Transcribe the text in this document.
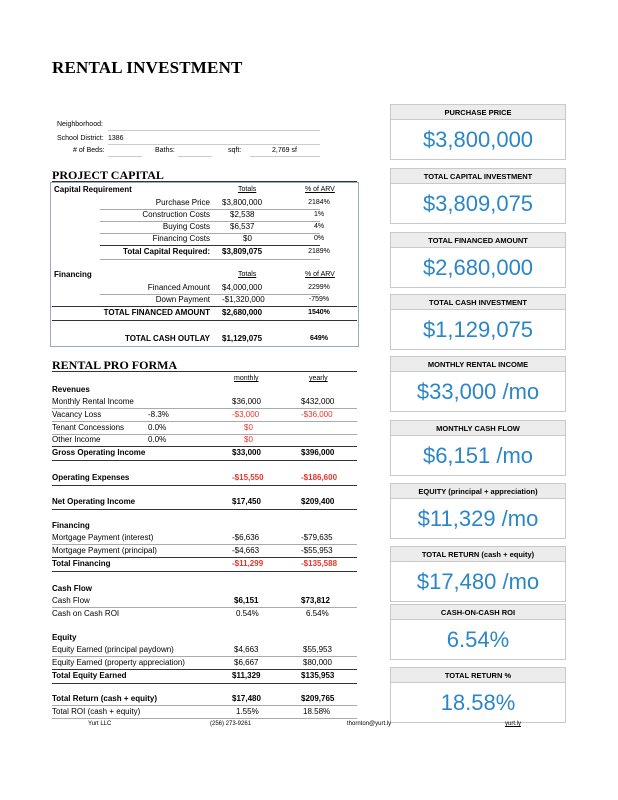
RENTAL INVESTMENT
Neighborhood:
School District: 1386
# of Beds:	Baths:	sqft:	2,769 sf
PROJECT CAPITAL
Capital Requirement	Totals	% of ARV
Purchase Price $3,800,000	2184%
Construction Costs	$2,538	1%
Buying Costs	$6,537	4%
Financing Costs	$0	0%
Total Capital Required: $3,809,075	2189%
Financing	Totals	% of ARV
Financed Amount $4,000,000	2299%
Down Payment -$1,320,000	-759%
TOTAL FINANCED AMOUNT $2,680,000	1540%
TOTAL CASH OUTLAY $1,129,075	649%
RENTAL PRO FORMA
monthly	yearly
Revenues
Monthly Rental Income	$36,000	$432,000
Vacancy Loss	-8.3%	-$3,000	-$36,000
Tenant Concessions	0.0%	$0
Other Income	0.0%	$0
Gross Operating Income	$33,000	$396,000
Operating Expenses	-$15,550	-$186,600
Net Operating Income	$17,450	$209,400
Financing
Mortgage Payment (interest)	-$6,636	-$79,635
Mortgage Payment (principal)	-$4,663	-$55,953
Total Financing	-$11,299	-$135,588
Cash Flow
Cash Flow	$6,151	$73,812
Cash on Cash ROI	0.54%	6.54%
Equity
Equity Earned (principal paydown)	$4,663	$55,953
Equity Earned (property appreciation)	$6,667	$80,000
Total Equity Earned	$11,329	$135,953
Total Return (cash + equity)	$17,480	$209,765
Total ROI (cash + equity)	1.55%	18.58%
PURCHASE PRICE
$3,800,000
TOTAL CAPITAL INVESTMENT
$3,809,075
TOTAL FINANCED AMOUNT
$2,680,000
TOTAL CASH INVESTMENT
$1,129,075
MONTHLY RENTAL INCOME
$33,000 /mo
MONTHLY CASH FLOW
$6,151 /mo
EQUITY (principal + appreciation)
$11,329 /mo
TOTAL RETURN (cash + equity)
$17,480 /mo
CASH-ON-CASH ROI
6.54%
TOTAL RETURN %
18.58%
Yurt LLC	(256) 273-9261	thornton@yurt.ly	yurt.ly
